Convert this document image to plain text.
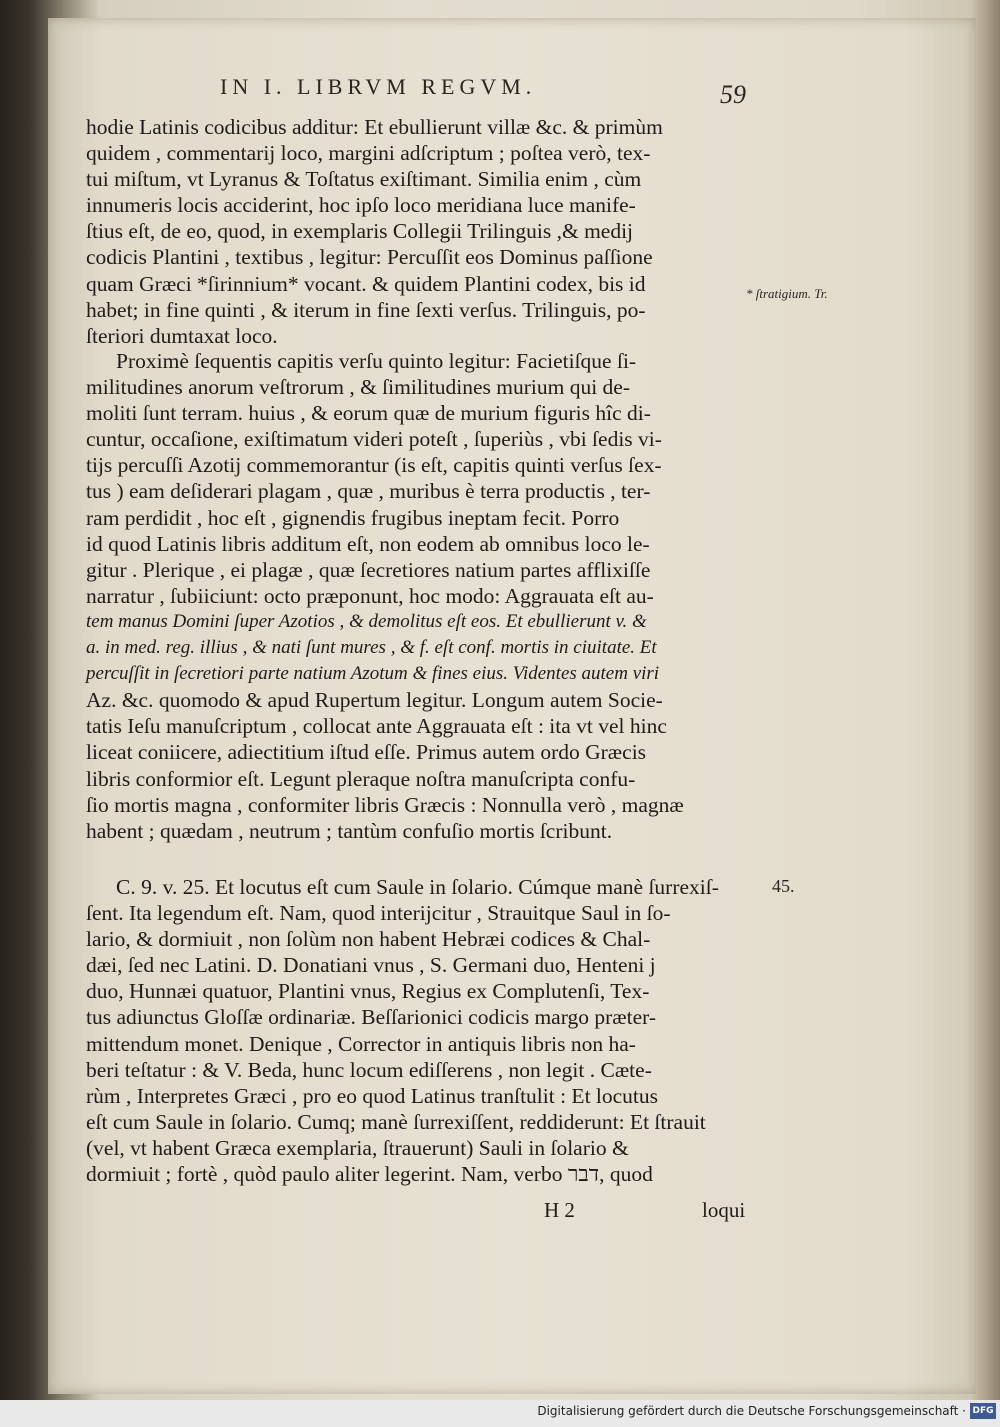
IN I. LIBRVM REGVM.	59
hodie Latinis codicibus additur: Et ebullierunt villæ &c. & primùm
quidem , commentarij loco, margini adſcriptum ; poſtea verò, tex-
tui miſtum, vt Lyranus & Toſtatus exiſtimant. Similia enim , cùm
innumeris locis acciderint, hoc ipſo loco meridiana luce manife-
ſtius eſt, de eo, quod, in exemplaris Collegii Trilinguis ,& medij
codicis Plantini , textibus , legitur: Percuſſit eos Dominus paſſione
quam Græci *ſirinnium* vocant. & quidem Plantini codex, bis id
habet; in fine quinti , & iterum in fine ſexti verſus. Trilinguis, po-
ſteriori dumtaxat loco.
Proximè ſequentis capitis verſu quinto legitur: Facietiſque ſi-
militudines anorum veſtrorum , & ſimilitudines murium qui de-
moliti ſunt terram. huius , & eorum quæ de murium figuris hîc di-
cuntur, occaſione, exiſtimatum videri poteſt , ſuperiùs , vbi ſedis vi-
tijs percuſſi Azotij commemorantur (is eſt, capitis quinti verſus ſex-
tus ) eam deſiderari plagam , quæ , muribus è terra productis , ter-
ram perdidit , hoc eſt , gignendis frugibus ineptam fecit. Porro
id quod Latinis libris additum eſt, non eodem ab omnibus loco le-
gitur . Plerique , ei plagæ , quæ ſecretiores natium partes afflixiſſe
narratur , ſubiiciunt: octo præponunt, hoc modo: Aggrauata eſt au-
tem manus Domini ſuper Azotios , & demolitus eſt eos. Et ebullierunt v. &
a. in med. reg. illius , & nati ſunt mures , & f. eſt conf. mortis in ciuitate. Et
percuſſit in ſecretiori parte natium Azotum & fines eius. Videntes autem viri
Az. &c. quomodo & apud Rupertum legitur. Longum autem Socie-
tatis Ieſu manuſcriptum , collocat ante Aggrauata eſt : ita vt vel hinc
liceat coniicere, adiectitium iſtud eſſe. Primus autem ordo Græcis
libris conformior eſt. Legunt pleraque noſtra manuſcripta confu-
ſio mortis magna , conformiter libris Græcis : Nonnulla verò , magnæ
habent ; quædam , neutrum ; tantùm confuſio mortis ſcribunt.
C. 9. v. 25. Et locutus eſt cum Saule in ſolario. Cúmque manè ſurrexiſ-
ſent. Ita legendum eſt. Nam, quod interijcitur , Strauitque Saul in ſo-
lario, & dormiuit , non ſolùm non habent Hebræi codices & Chal-
dæi, ſed nec Latini. D. Donatiani vnus , S. Germani duo, Henteni j
duo, Hunnæi quatuor, Plantini vnus, Regius ex Complutenſi, Tex-
tus adiunctus Gloſſæ ordinariæ. Beſſarionici codicis margo præter-
mittendum monet. Denique , Corrector in antiquis libris non ha-
beri teſtatur : & V. Beda, hunc locum ediſſerens , non legit . Cæte-
rùm , Interpretes Græci , pro eo quod Latinus tranſtulit : Et locutus
eſt cum Saule in ſolario. Cumq; manè ſurrexiſſent, reddiderunt: Et ſtrauit
(vel, vt habent Græca exemplaria, ſtrauerunt) Sauli in ſolario &
dormiuit ; fortè , quòd paulo aliter legerint. Nam, verbo דבר, quod
* ſtratigium. Tr.
45.
H 2	loqui
Digitalisierung gefördert durch die Deutsche Forschungsgemeinschaft · DFG
